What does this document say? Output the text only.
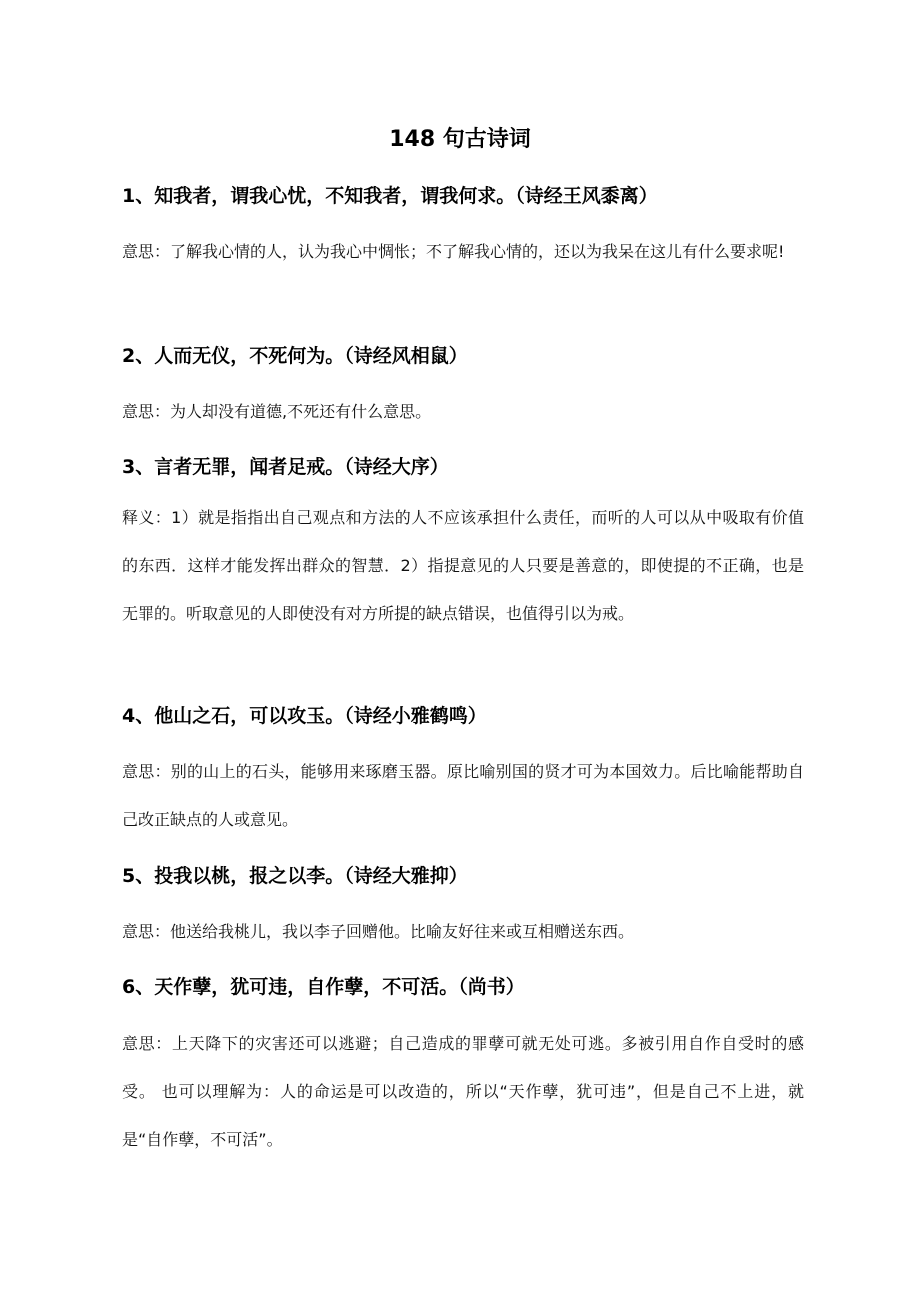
148 句古诗词
1、知我者，谓我心忧，不知我者，谓我何求。（诗经王风黍离）
意思：了解我心情的人，认为我心中惆怅；不了解我心情的，还以为我呆在这儿有什么要求呢!
2、人而无仪，不死何为。（诗经风相鼠）
意思：为人却没有道德,不死还有什么意思。
3、言者无罪，闻者足戒。（诗经大序）
释义：1）就是指指出自己观点和方法的人不应该承担什么责任，而听的人可以从中吸取有价值的东西．这样才能发挥出群众的智慧．2）指提意见的人只要是善意的，即使提的不正确，也是无罪的。听取意见的人即使没有对方所提的缺点错误，也值得引以为戒。
4、他山之石，可以攻玉。（诗经小雅鹤鸣）
意思：别的山上的石头，能够用来琢磨玉器。原比喻别国的贤才可为本国效力。后比喻能帮助自己改正缺点的人或意见。
5、投我以桃，报之以李。（诗经大雅抑）
意思：他送给我桃儿，我以李子回赠他。比喻友好往来或互相赠送东西。
6、天作孽，犹可违，自作孽，不可活。（尚书）
意思：上天降下的灾害还可以逃避；自己造成的罪孽可就无处可逃。多被引用自作自受时的感受。 也可以理解为：人的命运是可以改造的，所以“天作孽，犹可违”，但是自己不上进，就是“自作孽，不可活”。
